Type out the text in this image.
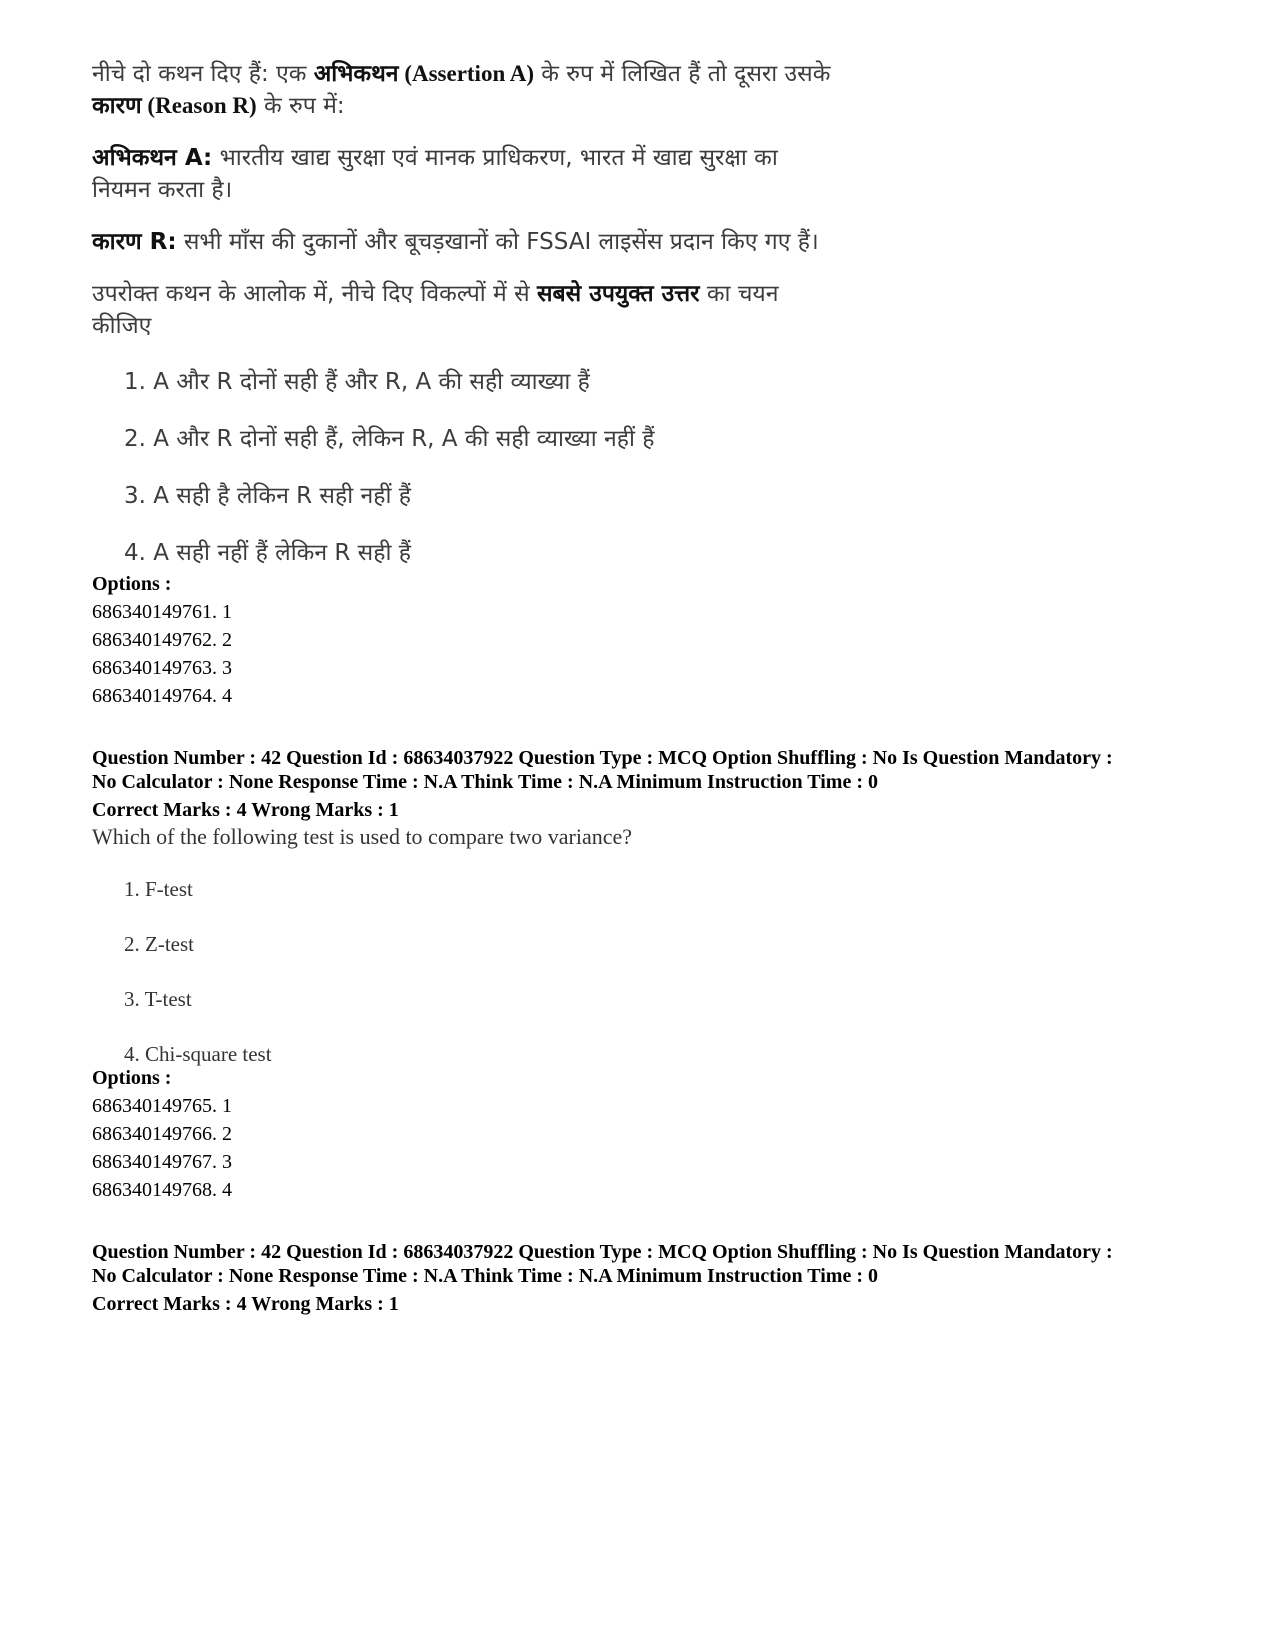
नीचे दो कथन दिए हैं: एक अभिकथन (Assertion A) के रुप में लिखित हैं तो दूसरा उसके
कारण (Reason R) के रुप में:
अभिकथन A: भारतीय खाद्य सुरक्षा एवं मानक प्राधिकरण, भारत में खाद्य सुरक्षा का
नियमन करता है।
कारण R: सभी माँस की दुकानों और बूचड़खानों को FSSAI लाइसेंस प्रदान किए गए हैं।
उपरोक्त कथन के आलोक में, नीचे दिए विकल्पों में से सबसे उपयुक्त उत्तर का चयन
कीजिए
1. A और R दोनों सही हैं और R, A की सही व्याख्या हैं
2. A और R दोनों सही हैं, लेकिन R, A की सही व्याख्या नहीं हैं
3. A सही है लेकिन R सही नहीं हैं
4. A सही नहीं हैं लेकिन R सही हैं
Options :
686340149761. 1
686340149762. 2
686340149763. 3
686340149764. 4
Question Number : 42 Question Id : 68634037922 Question Type : MCQ Option Shuffling : No Is Question Mandatory :
No Calculator : None Response Time : N.A Think Time : N.A Minimum Instruction Time : 0
Correct Marks : 4 Wrong Marks : 1
Which of the following test is used to compare two variance?
1. F-test
2. Z-test
3. T-test
4. Chi-square test
Options :
686340149765. 1
686340149766. 2
686340149767. 3
686340149768. 4
Question Number : 42 Question Id : 68634037922 Question Type : MCQ Option Shuffling : No Is Question Mandatory :
No Calculator : None Response Time : N.A Think Time : N.A Minimum Instruction Time : 0
Correct Marks : 4 Wrong Marks : 1
